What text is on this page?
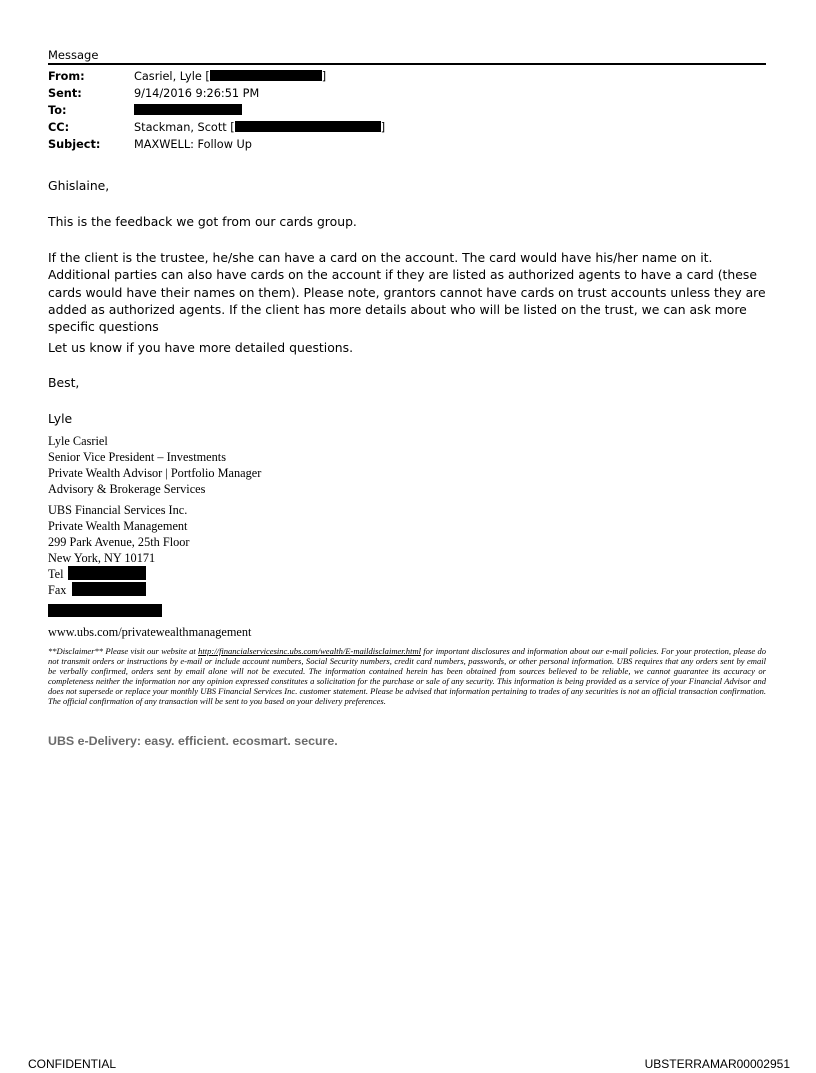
Message
From:	Casriel, Lyle [	]
Sent:	9/14/2016 9:26:51 PM
To:
CC:	Stackman, Scott [	]
Subject:	MAXWELL: Follow Up

Ghislaine,

This is the feedback we got from our cards group.

If the client is the trustee, he/she can have a card on the account. The card would have his/her name on it. Additional parties can also have cards on the account if they are listed as authorized agents to have a card (these cards would have their names on them). Please note, grantors cannot have cards on trust accounts unless they are added as authorized agents. If the client has more details about who will be listed on the trust, we can ask more specific questions

Let us know if you have more detailed questions.

Best,

Lyle

Lyle Casriel
Senior Vice President – Investments
Private Wealth Advisor | Portfolio Manager
Advisory & Brokerage Services
UBS Financial Services Inc.
Private Wealth Management
299 Park Avenue, 25th Floor
New York, NY 10171
Tel
Fax
www.ubs.com/privatewealthmanagement
**Disclaimer** Please visit our website at http://financialservicesinc.ubs.com/wealth/E-maildisclaimer.html for important disclosures and information about our e-mail policies. For your protection, please do not transmit orders or instructions by e-mail or include account numbers, Social Security numbers, credit card numbers, passwords, or other personal information. UBS requires that any orders sent by email be verbally confirmed, orders sent by email alone will not be executed. The information contained herein has been obtained from sources believed to be reliable, we cannot guarantee its accuracy or completeness neither the information nor any opinion expressed constitutes a solicitation for the purchase or sale of any security. This information is being provided as a service of your Financial Advisor and does not supersede or replace your monthly UBS Financial Services Inc. customer statement. Please be advised that information pertaining to trades of any securities is not an official transaction confirmation. The official confirmation of any transaction will be sent to you based on your delivery preferences.
UBS e-Delivery: easy. efficient. ecosmart. secure.
CONFIDENTIAL	UBSTERRAMAR00002951
